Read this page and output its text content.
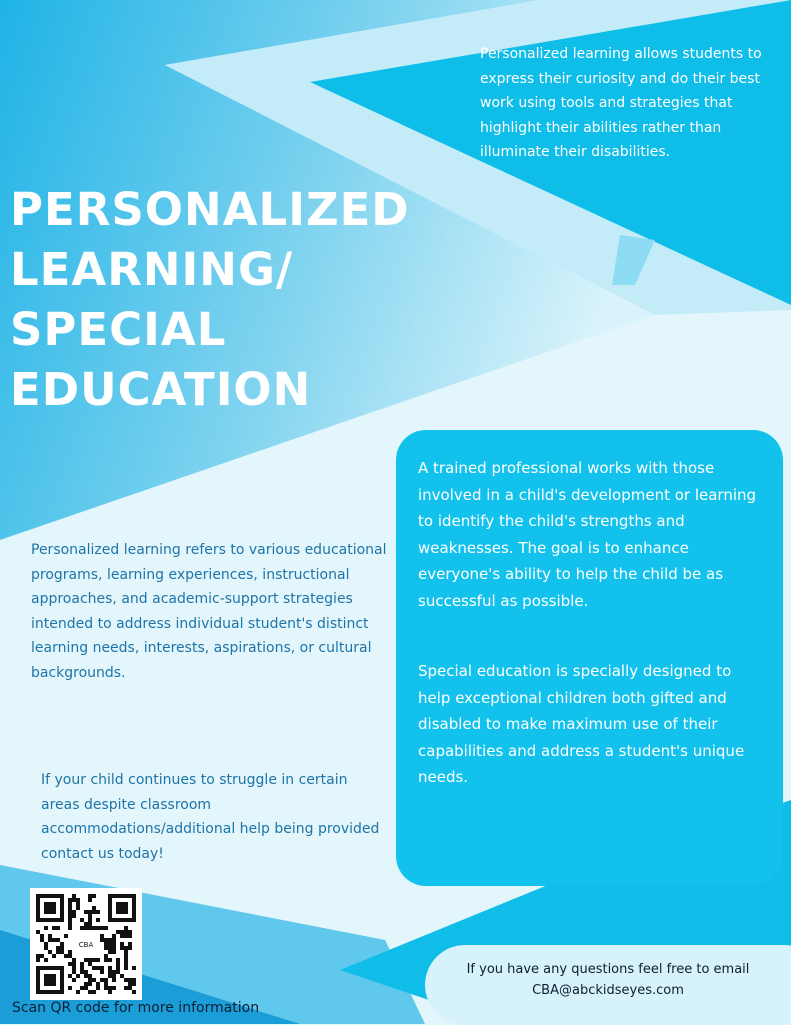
PERSONALIZED
LEARNING/
SPECIAL
EDUCATION

Personalized learning allows students to express their curiosity and do their best work using tools and strategies that highlight their abilities rather than illuminate their disabilities.

Personalized learning refers to various educational programs, learning experiences, instructional approaches, and academic-support strategies intended to address individual student's distinct learning needs, interests, aspirations, or cultural backgrounds.

A trained professional works with those involved in a child's development or learning to identify the child's strengths and weaknesses. The goal is to enhance everyone's ability to help the child be as successful as possible.

Special education is specially designed to help exceptional children both gifted and disabled to make maximum use of their capabilities and address a student's unique needs.

If your child continues to struggle in certain areas despite classroom accommodations/additional help being provided contact us today!

CBA

Scan QR code for more information

If you have any questions feel free to email
CBA@abckidseyes.com
